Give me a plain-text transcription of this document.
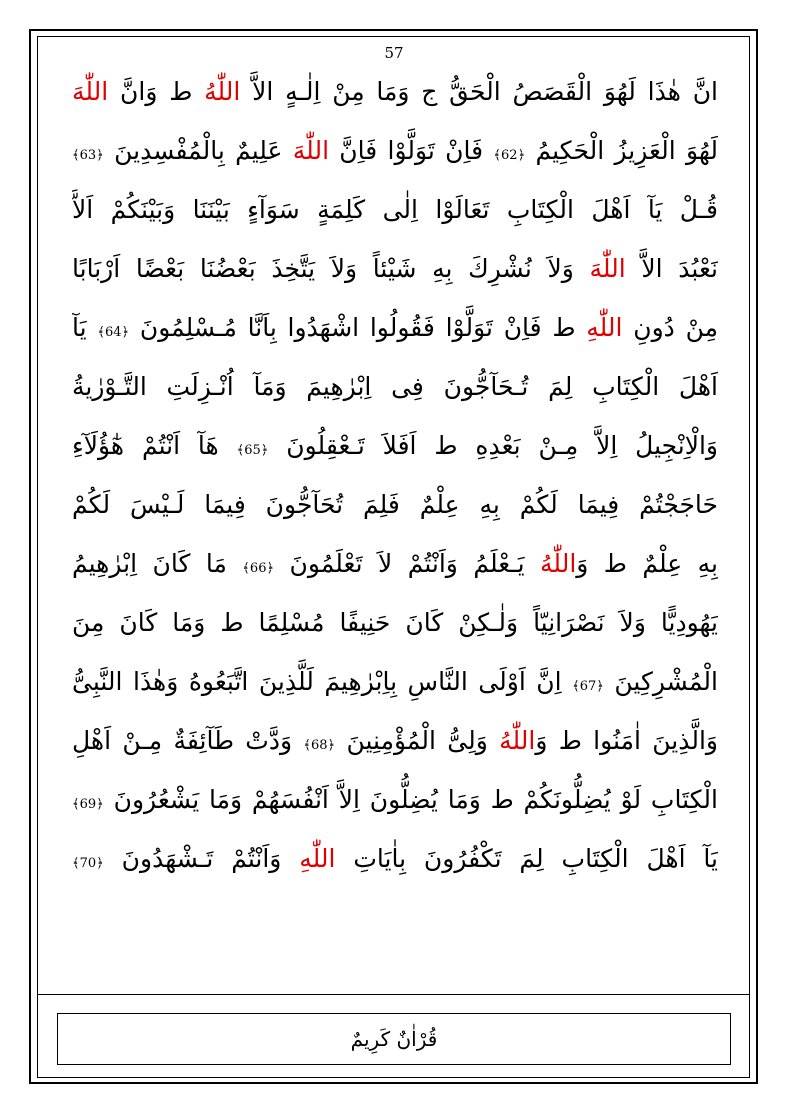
57
انَّ هٰذَا لَهُوَ الْقَصَصُ الْحَقُّ ج وَمَا مِنْ اِلٰـهٍ الاَّ اللّٰهُ ط وَانَّ اللّٰهَ
لَهُوَ الْعَزِيزُ الْحَكِيمُ ﴿62﴾ فَاِنْ تَوَلَّوْا فَاِنَّ اللّٰهَ عَلِيمٌ بِالْمُفْسِدِينَ ﴿63﴾
قُـلْ يَآ اَهْلَ الْكِتَابِ تَعَالَوْا اِلٰى كَلِمَةٍ سَوَآءٍ بَيْنَنَا وَبَيْنَكُمْ اَلاَّ
نَعْبُدَ الاَّ اللّٰهَ وَلاَ نُشْرِكَ بِهِ شَيْئاً وَلاَ يَتَّخِذَ بَعْضُنَا بَعْضًا اَرْبَابًا
مِنْ دُونِ اللّٰهِ ط فَاِنْ تَوَلَّوْا فَقُولُوا اشْهَدُوا بِاَنَّا مُـسْلِمُونَ ﴿64﴾ يَآ
اَهْلَ الْكِتَابِ لِمَ تُـحَآجُّونَ فِى اِبْرٰهِيمَ وَمَآ اُنْـزِلَتِ التَّـوْرٰيةُ
وَالْاِنْجِيلُ اِلاَّ مِـنْ بَعْدِهِ ط اَفَلاَ تَـعْقِلُونَ ﴿65﴾ هَآ اَنْتُمْ هٰٓؤُلَآءِ
حَاجَجْتُمْ فِيمَا لَكُمْ بِهِ عِلْمٌ فَلِمَ تُحَآجُّونَ فِيمَا لَـيْسَ لَكُمْ
بِهِ عِلْمٌ ط وَاللّٰهُ يَـعْلَمُ وَاَنْتُمْ لاَ تَعْلَمُونَ ﴿66﴾ مَا كَانَ اِبْرٰهِيمُ
يَهُودِيًّا وَلاَ نَصْرَانِيّاً وَلٰـكِنْ كَانَ حَنِيفًا مُسْلِمًا ط وَمَا كَانَ مِنَ
الْمُشْرِكِينَ ﴿67﴾ اِنَّ اَوْلَى النَّاسِ بِاِبْرٰهِيمَ لَلَّذِينَ اتَّبَعُوهُ وَهٰذَا النَّبِىُّ
وَالَّذِينَ اٰمَنُوا ط وَاللّٰهُ وَلِىُّ الْمُؤْمِنِينَ ﴿68﴾ وَدَّتْ طَآئِفَةٌ مِـنْ اَهْلِ
الْكِتَابِ لَوْ يُضِلُّونَكُمْ ط وَمَا يُضِلُّونَ اِلاَّ اَنْفُسَهُمْ وَمَا يَشْعُرُونَ ﴿69﴾
يَآ اَهْلَ الْكِتَابِ لِمَ تَكْفُرُونَ بِاٰيَاتِ اللّٰهِ وَاَنْتُمْ تَـشْهَدُونَ ﴿70﴾
قُرْاٰنٌ كَرِيمٌ
